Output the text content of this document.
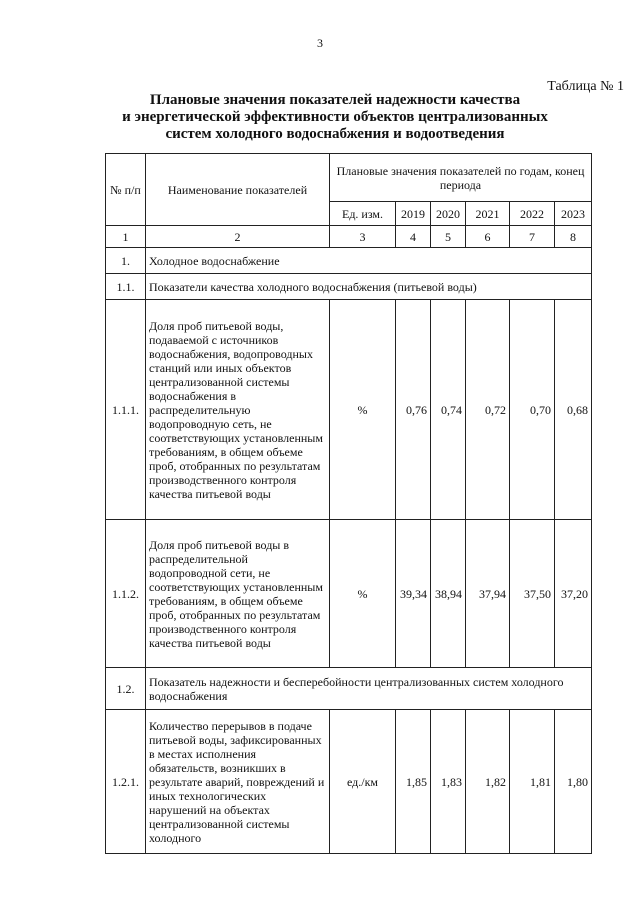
3
Таблица № 1
Плановые значения показателей надежности качества
и энергетической эффективности объектов централизованных
систем холодного водоснабжения и водоотведения
№ п/п	Наименование показателей	Плановые значения показателей по годам, конец периода					
		Ед. изм.	2019	2020	2021	2022	2023
1	2	3	4	5	6	7	8
1.	Холодное водоснабжение						
1.1.	Показатели качества холодного водоснабжения (питьевой воды)						
1.1.1.	Доля проб питьевой воды, подаваемой с источников водоснабжения, водопроводных станций или иных объектов централизованной системы водоснабжения в распределительную водопроводную сеть, не соответствующих установленным требованиям, в общем объеме проб, отобранных по результатам производственного контроля качества питьевой воды	%	0,76	0,74	0,72	0,70	0,68
1.1.2.	Доля проб питьевой воды в распределительной водопроводной сети, не соответствующих установленным требованиям, в общем объеме проб, отобранных по результатам производственного контроля качества питьевой воды	%	39,34	38,94	37,94	37,50	37,20
1.2.	Показатель надежности и бесперебойности централизованных систем холодного водоснабжения						
1.2.1.	Количество перерывов в подаче питьевой воды, зафиксированных в местах исполнения обязательств, возникших в результате аварий, повреждений и иных технологических нарушений на объектах централизованной системы холодного	ед./км	1,85	1,83	1,82	1,81	1,80
